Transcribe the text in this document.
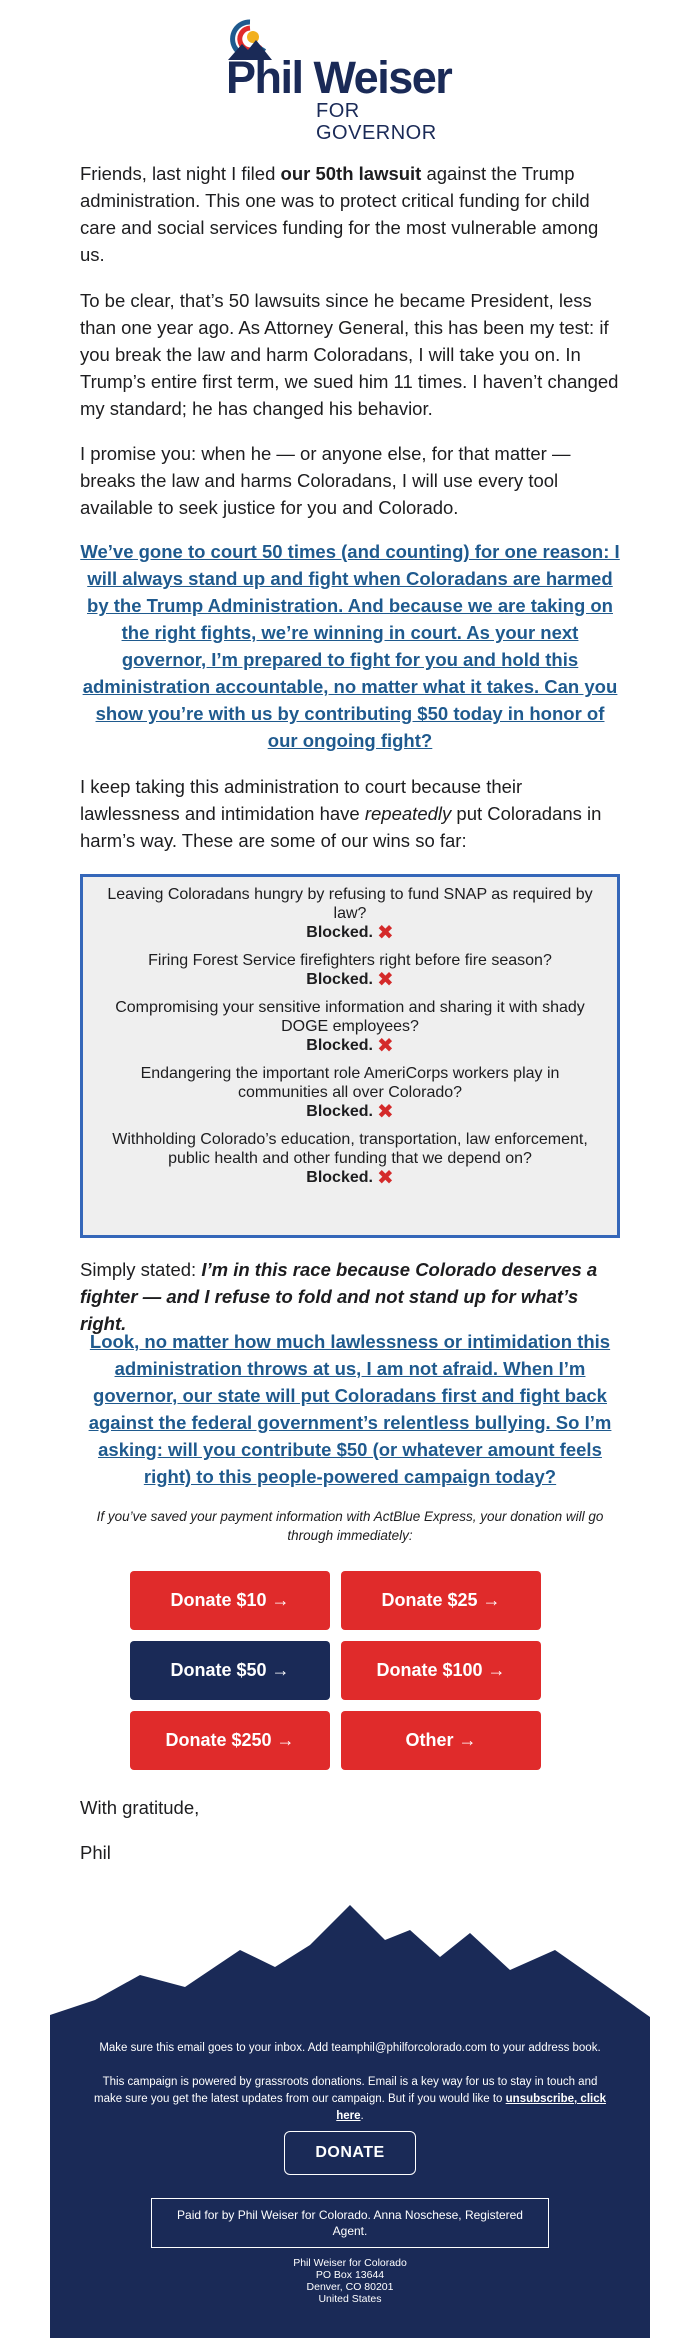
Phil Weiser
FOR GOVERNOR
Friends, last night I filed our 50th lawsuit against the Trump administration. This one was to protect critical funding for child care and social services funding for the most vulnerable among us.
To be clear, that’s 50 lawsuits since he became President, less than one year ago. As Attorney General, this has been my test: if you break the law and harm Coloradans, I will take you on. In Trump’s entire first term, we sued him 11 times. I haven’t changed my standard; he has changed his behavior.
I promise you: when he — or anyone else, for that matter — breaks the law and harms Coloradans, I will use every tool available to seek justice for you and Colorado.
We’ve gone to court 50 times (and counting) for one reason: I will always stand up and fight when Coloradans are harmed by the Trump Administration. And because we are taking on the right fights, we’re winning in court. As your next governor, I’m prepared to fight for you and hold this administration accountable, no matter what it takes. Can you show you’re with us by contributing $50 today in honor of our ongoing fight?
I keep taking this administration to court because their lawlessness and intimidation have repeatedly put Coloradans in harm’s way. These are some of our wins so far:
Leaving Coloradans hungry by refusing to fund SNAP as required by law?
Blocked. ✖
Firing Forest Service firefighters right before fire season?
Blocked. ✖
Compromising your sensitive information and sharing it with shady DOGE employees?
Blocked. ✖
Endangering the important role AmeriCorps workers play in communities all over Colorado?
Blocked. ✖
Withholding Colorado’s education, transportation, law enforcement, public health and other funding that we depend on?
Blocked. ✖
Simply stated: I’m in this race because Colorado deserves a fighter — and I refuse to fold and not stand up for what’s right.
Look, no matter how much lawlessness or intimidation this administration throws at us, I am not afraid. When I’m governor, our state will put Coloradans first and fight back against the federal government’s relentless bullying. So I’m asking: will you contribute $50 (or whatever amount feels right) to this people-powered campaign today?
If you’ve saved your payment information with ActBlue Express, your donation will go through immediately:
Donate $10 →	Donate $25 →
Donate $50 →	Donate $100 →
Donate $250 →	Other →
With gratitude,
Phil
Make sure this email goes to your inbox. Add teamphil@philforcolorado.com to your address book.
This campaign is powered by grassroots donations. Email is a key way for us to stay in touch and make sure you get the latest updates from our campaign. But if you would like to unsubscribe, click here.
DONATE
Paid for by Phil Weiser for Colorado. Anna Noschese, Registered Agent.
Phil Weiser for Colorado
PO Box 13644
Denver, CO 80201
United States
